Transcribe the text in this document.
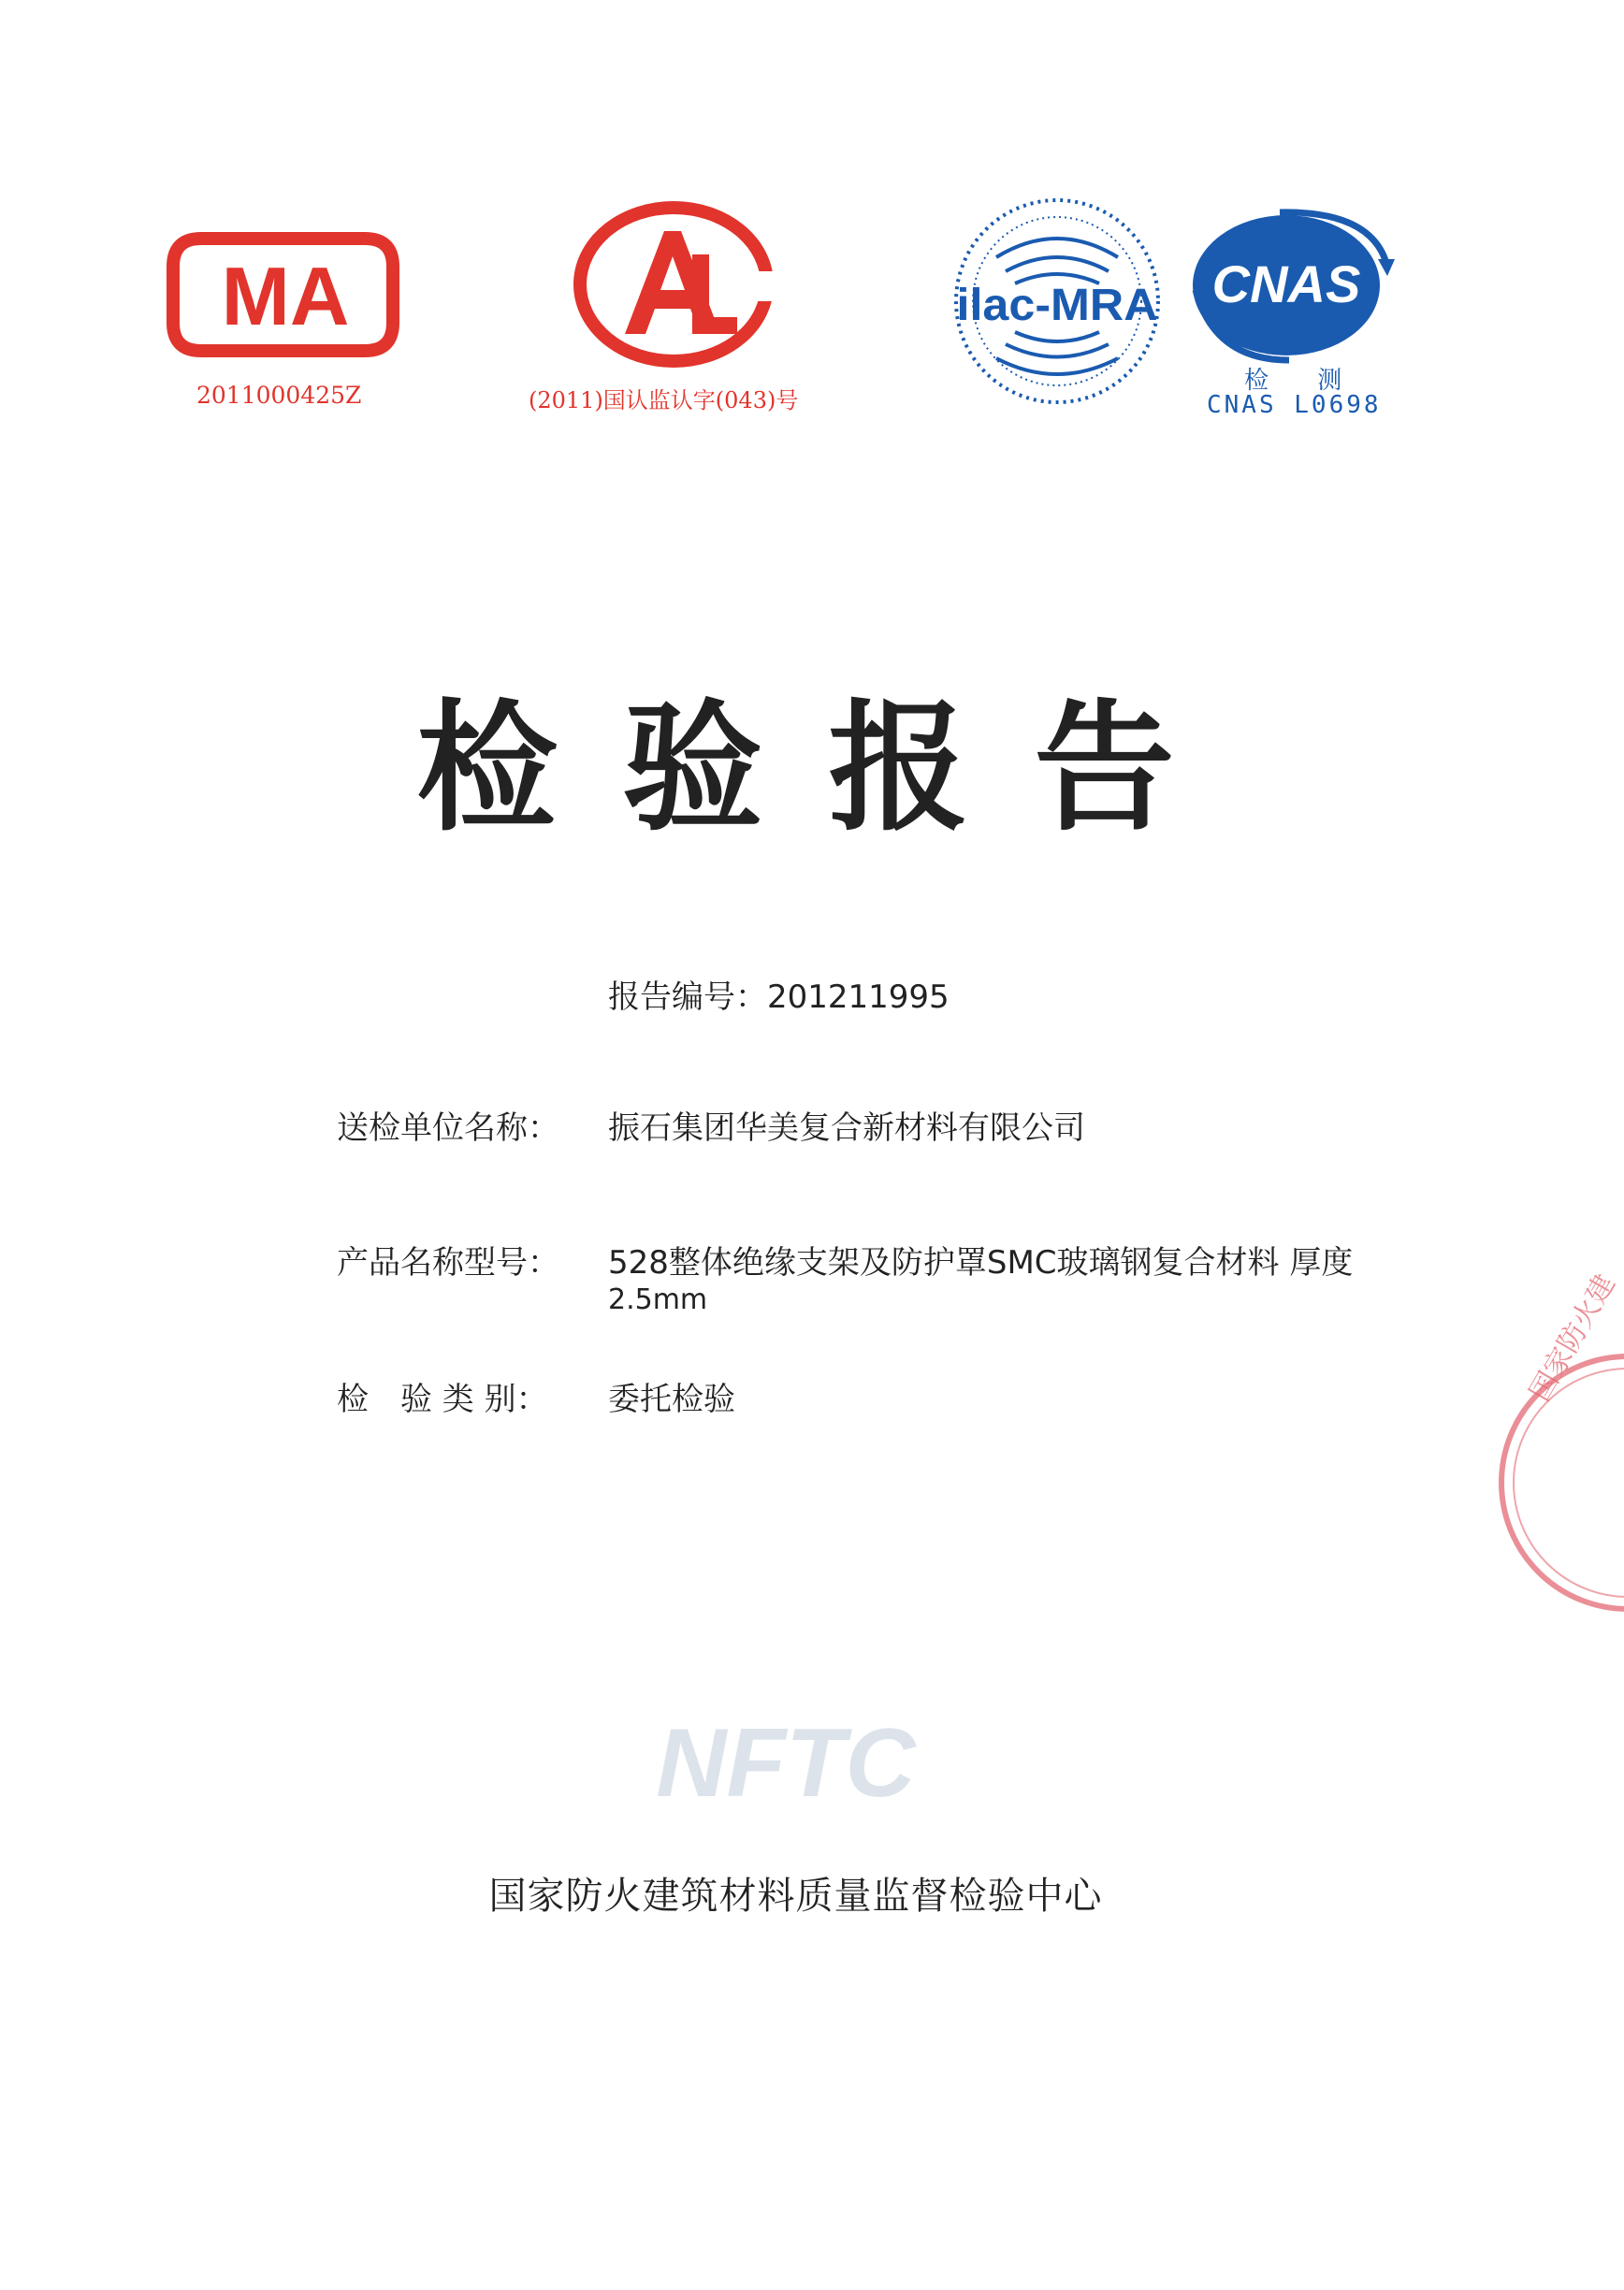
MA
2011000425Z	(2011)国认监认字(043)号
ilac-MRA CNAS
检 测
CNAS L0698
检验报告
报告编号：201211995
送检单位名称： 振石集团华美复合新材料有限公司
产品名称型号： 528整体绝缘支架及防护罩SMC玻璃钢复合材料 厚度
2.5mm
检　验 类 别： 委托检验	国家防火建
NFTC
国家防火建筑材料质量监督检验中心
